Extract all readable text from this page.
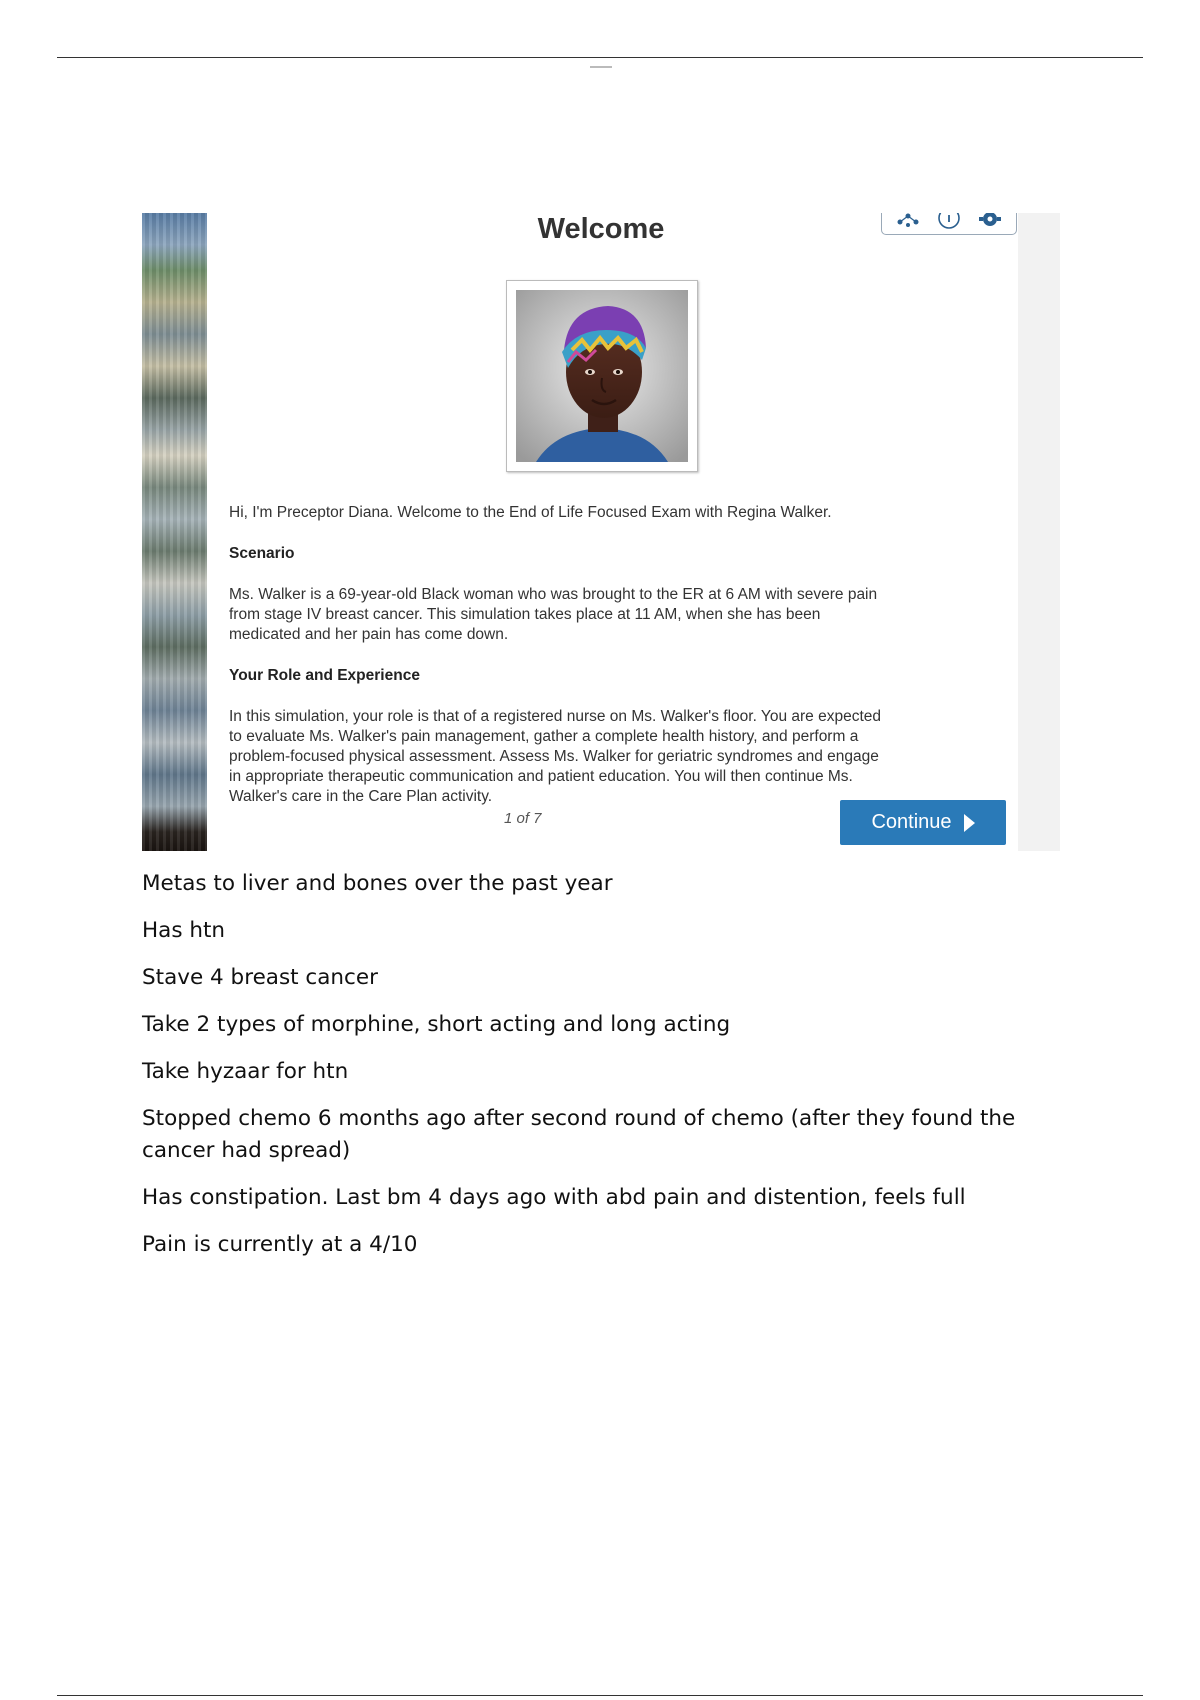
Welcome
Hi, I'm Preceptor Diana. Welcome to the End of Life Focused Exam with Regina Walker.
Scenario
Ms. Walker is a 69-year-old Black woman who was brought to the ER at 6 AM with severe pain
from stage IV breast cancer. This simulation takes place at 11 AM, when she has been
medicated and her pain has come down.
Your Role and Experience
In this simulation, your role is that of a registered nurse on Ms. Walker's floor. You are expected
to evaluate Ms. Walker's pain management, gather a complete health history, and perform a
problem-focused physical assessment. Assess Ms. Walker for geriatric syndromes and engage
in appropriate therapeutic communication and patient education. You will then continue Ms.
Walker's care in the Care Plan activity.
1 of 7	Continue
Metas to liver and bones over the past year
Has htn
Stave 4 breast cancer
Take 2 types of morphine, short acting and long acting
Take hyzaar for htn
Stopped chemo 6 months ago after second round of chemo (after they found the cancer had spread)
Has constipation. Last bm 4 days ago with abd pain and distention, feels full
Pain is currently at a 4/10
